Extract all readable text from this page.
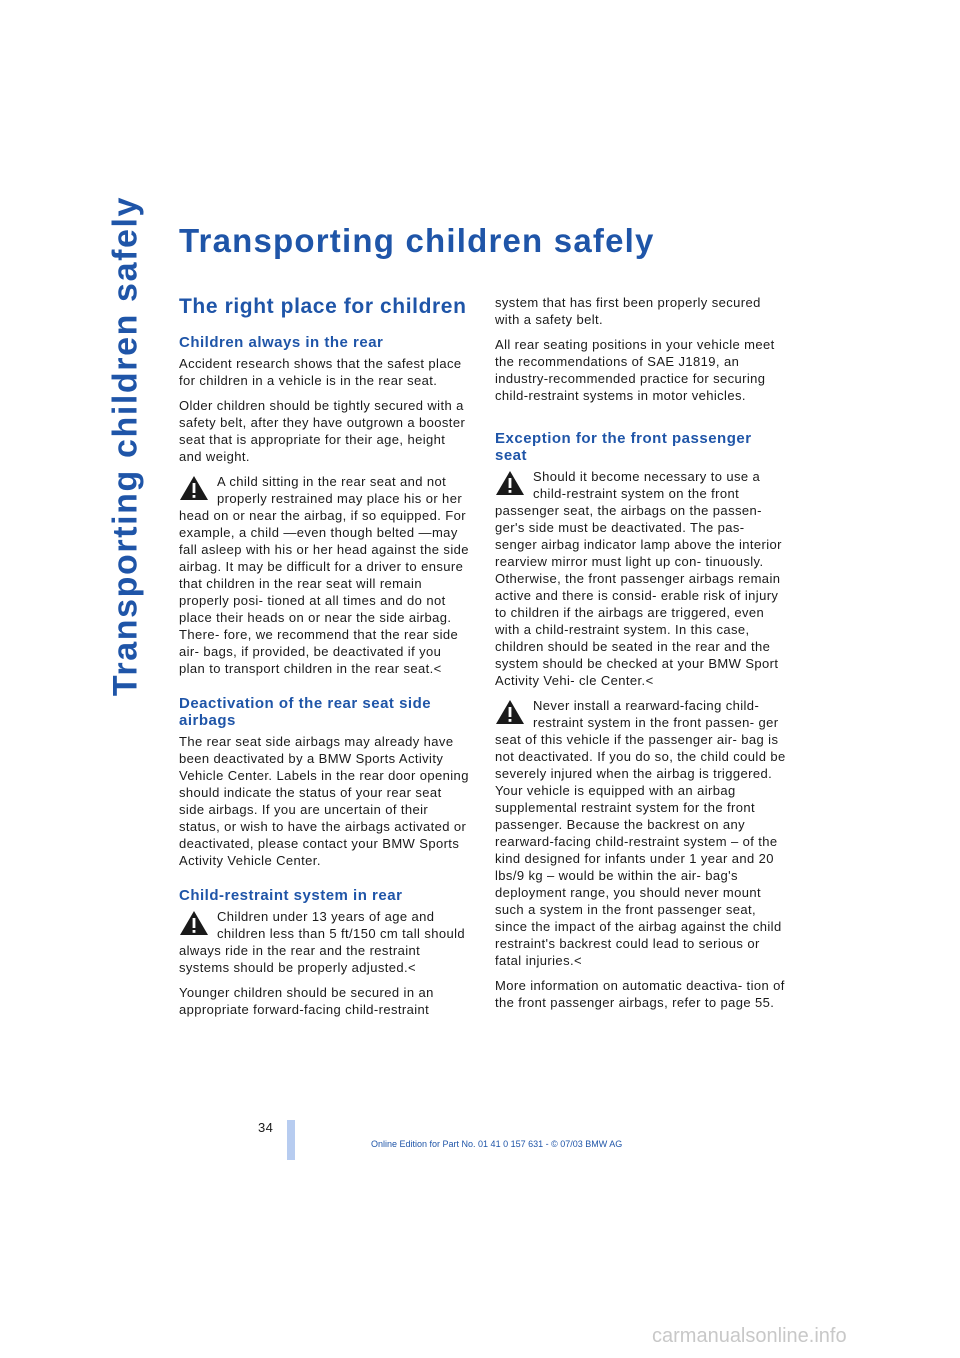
Transporting children safely Transporting children safely
The right place for children
Children always in the rear

Accident research shows that the safest place for children in a vehicle is in the rear seat.

Older children should be tightly secured with a safety belt, after they have outgrown a booster seat that is appropriate for their age, height and weight.

A child sitting in the rear seat and not properly restrained may place his or her head on or near the airbag, if so equipped. For example, a child —even though belted —may fall asleep with his or her head against the side airbag. It may be difficult for a driver to ensure that children in the rear seat will remain properly posi- tioned at all times and do not place their heads on or near the side airbag. There- fore, we recommend that the rear side air- bags, if provided, be deactivated if you plan to transport children in the rear seat.<

Deactivation of the rear seat side airbags

The rear seat side airbags may already have been deactivated by a BMW Sports Activity Vehicle Center. Labels in the rear door opening should indicate the status of your rear seat side airbags. If you are uncertain of their status, or wish to have the airbags activated or deactivated, please contact your BMW Sports Activity Vehicle Center.

Child-restraint system in rear

Children under 13 years of age and children less than 5 ft/150 cm tall should always ride in the rear and the restraint systems should be properly adjusted.<

Younger children should be secured in an appropriate forward-facing child-restraint

system that has first been properly secured with a safety belt.

All rear seating positions in your vehicle meet the recommendations of SAE J1819, an industry-recommended practice for securing child-restraint systems in motor vehicles.

Exception for the front passenger seat

Should it become necessary to use a child-restraint system on the front passenger seat, the airbags on the passen- ger's side must be deactivated. The pas- senger airbag indicator lamp above the interior rearview mirror must light up con- tinuously. Otherwise, the front passenger airbags remain active and there is consid- erable risk of injury to children if the airbags are triggered, even with a child-restraint system. In this case, children should be seated in the rear and the system should be checked at your BMW Sport Activity Vehi- cle Center.<

Never install a rearward-facing child- restraint system in the front passen- ger seat of this vehicle if the passenger air- bag is not deactivated. If you do so, the child could be severely injured when the airbag is triggered.

Your vehicle is equipped with an airbag supplemental restraint system for the front passenger. Because the backrest on any rearward-facing child-restraint system – of the kind designed for infants under 1 year and 20 lbs/9 kg – would be within the air- bag's deployment range, you should never mount such a system in the front passenger seat, since the impact of the airbag against the child restraint's backrest could lead to serious or fatal injuries.<

More information on automatic deactiva- tion of the front passenger airbags, refer to page 55.

34
Online Edition for Part No. 01 41 0 157 631 - © 07/03 BMW AG
carmanualsonline.info
